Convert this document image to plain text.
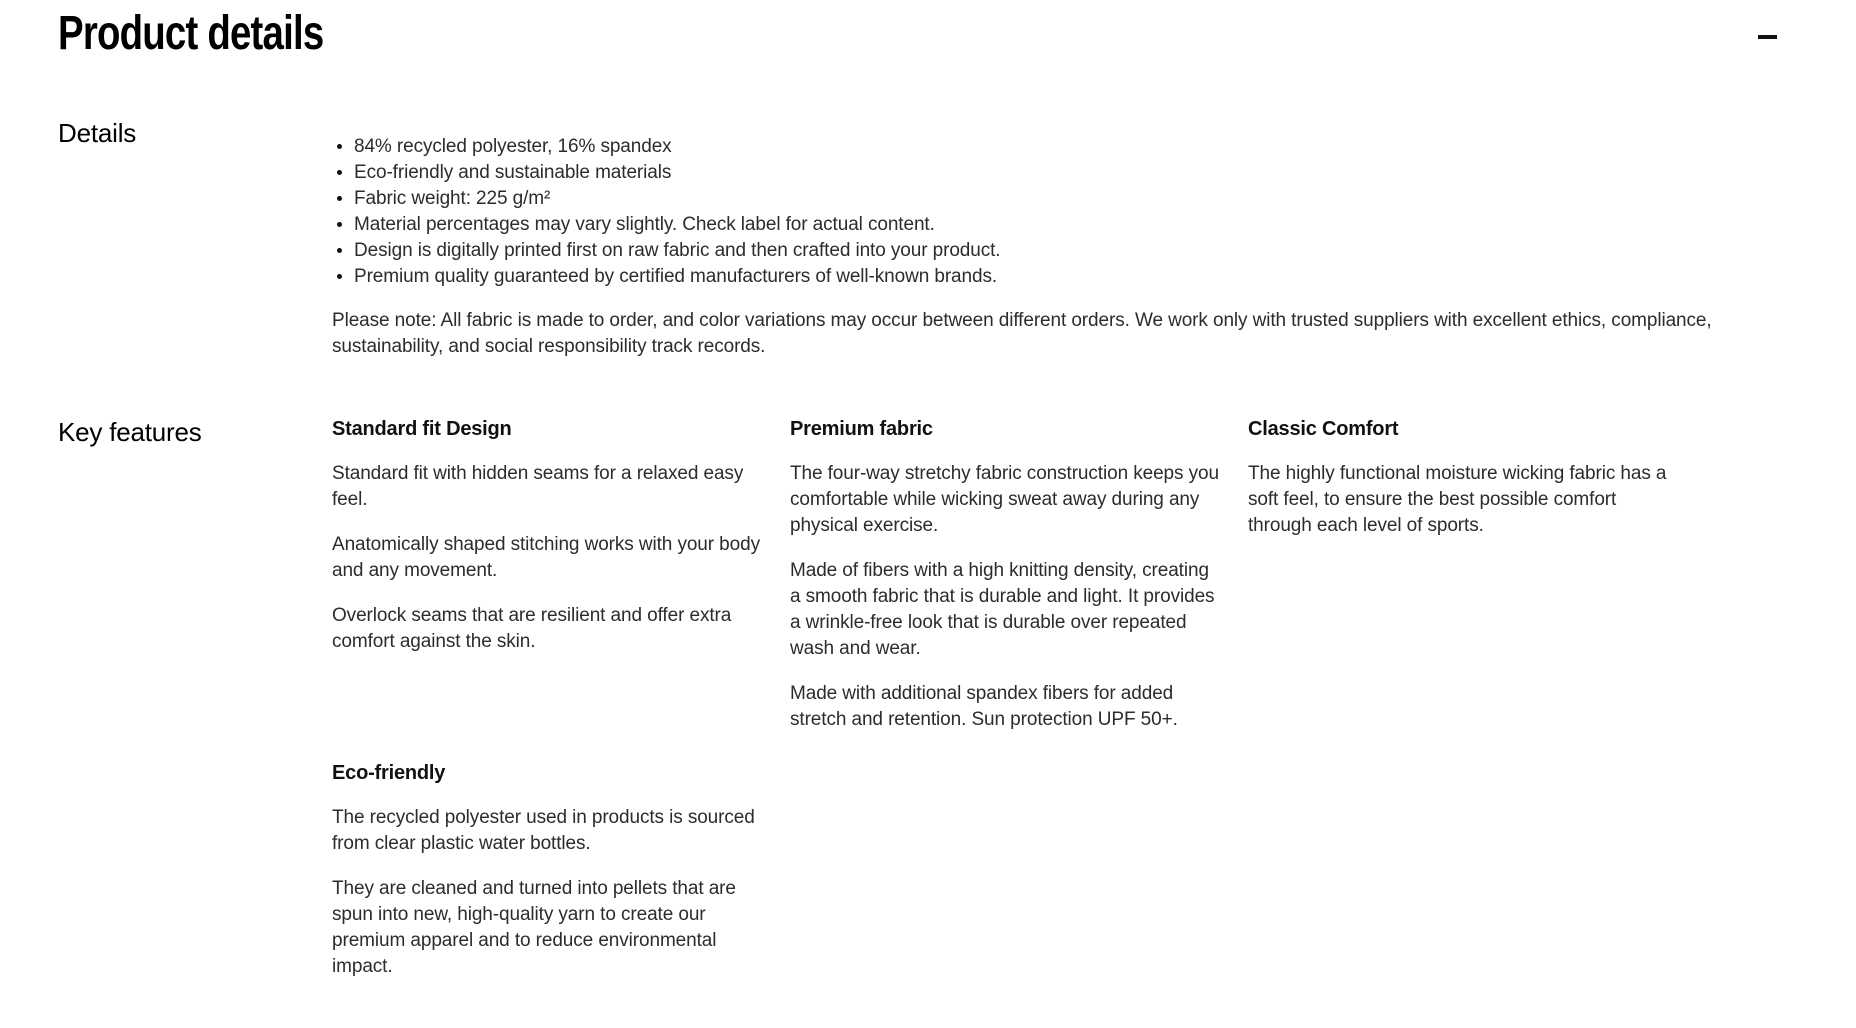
Product details
Details	• 84% recycled polyester, 16% spandex
• Eco-friendly and sustainable materials
• Fabric weight: 225 g/m²
• Material percentages may vary slightly. Check label for actual content.
• Design is digitally printed first on raw fabric and then crafted into your product.
• Premium quality guaranteed by certified manufacturers of well-known brands.

Please note: All fabric is made to order, and color variations may occur between different orders. We work only with trusted suppliers with excellent ethics, compliance, sustainability, and social responsibility track records.

Key features	Standard fit Design

Standard fit with hidden seams for a relaxed easy feel.

Anatomically shaped stitching works with your body and any movement.

Overlock seams that are resilient and offer extra comfort against the skin.

Premium fabric

The four-way stretchy fabric construction keeps you comfortable while wicking sweat away during any physical exercise.

Made of fibers with a high knitting density, creating a smooth fabric that is durable and light. It provides a wrinkle-free look that is durable over repeated wash and wear.

Made with additional spandex fibers for added stretch and retention. Sun protection UPF 50+.

Classic Comfort

The highly functional moisture wicking fabric has a soft feel, to ensure the best possible comfort through each level of sports.

Eco-friendly

The recycled polyester used in products is sourced from clear plastic water bottles.

They are cleaned and turned into pellets that are spun into new, high-quality yarn to create our premium apparel and to reduce environmental impact.
